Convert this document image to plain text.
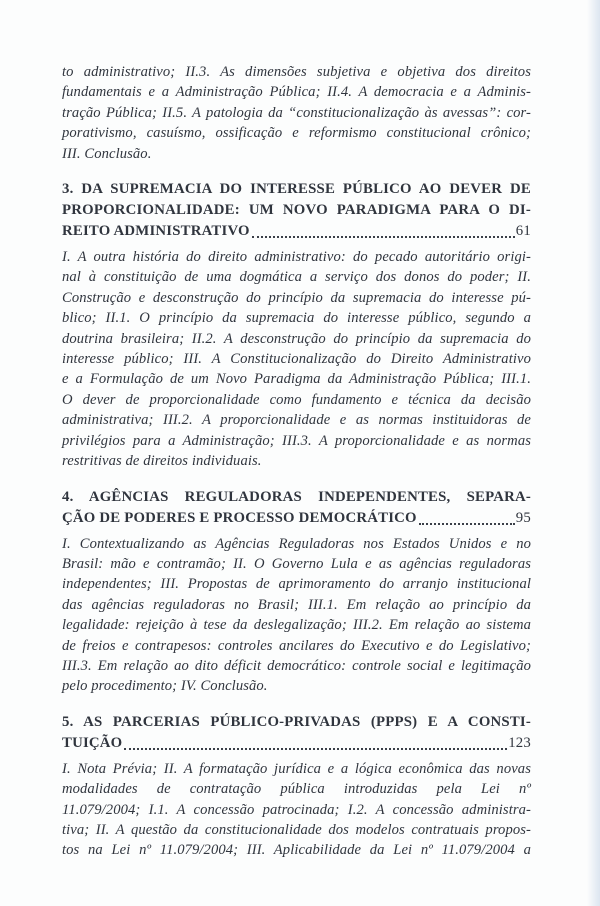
to administrativo; II.3. As dimensões subjetiva e objetiva dos direitos
fundamentais e a Administração Pública; II.4. A democracia e a Adminis-
tração Pública; II.5. A patologia da “constitucionalização às avessas”: cor-
porativismo, casuísmo, ossificação e reformismo constitucional crônico;
III. Conclusão.
3. DA SUPREMACIA DO INTERESSE PÚBLICO AO DEVER DE
PROPORCIONALIDADE: UM NOVO PARADIGMA PARA O DI-
REITO ADMINISTRATIVO	61
I. A outra história do direito administrativo: do pecado autoritário origi-
nal à constituição de uma dogmática a serviço dos donos do poder; II.
Construção e desconstrução do princípio da supremacia do interesse pú-
blico; II.1. O princípio da supremacia do interesse público, segundo a
doutrina brasileira; II.2. A desconstrução do princípio da supremacia do
interesse público; III. A Constitucionalização do Direito Administrativo
e a Formulação de um Novo Paradigma da Administração Pública; III.1.
O dever de proporcionalidade como fundamento e técnica da decisão
administrativa; III.2. A proporcionalidade e as normas instituidoras de
privilégios para a Administração; III.3. A proporcionalidade e as normas
restritivas de direitos individuais.
4. AGÊNCIAS REGULADORAS INDEPENDENTES, SEPARA-
ÇÃO DE PODERES E PROCESSO DEMOCRÁTICO	95
I. Contextualizando as Agências Reguladoras nos Estados Unidos e no
Brasil: mão e contramão; II. O Governo Lula e as agências reguladoras
independentes; III. Propostas de aprimoramento do arranjo institucional
das agências reguladoras no Brasil; III.1. Em relação ao princípio da
legalidade: rejeição à tese da deslegalização; III.2. Em relação ao sistema
de freios e contrapesos: controles ancilares do Executivo e do Legislativo;
III.3. Em relação ao dito déficit democrático: controle social e legitimação
pelo procedimento; IV. Conclusão.
5. AS PARCERIAS PÚBLICO-PRIVADAS (PPPS) E A CONSTI-
TUIÇÃO	123
I. Nota Prévia; II. A formatação jurídica e a lógica econômica das novas
modalidades de contratação pública introduzidas pela Lei nº
11.079/2004; I.1. A concessão patrocinada; I.2. A concessão administra-
tiva; II. A questão da constitucionalidade dos modelos contratuais propos-
tos na Lei nº 11.079/2004; III. Aplicabilidade da Lei nº 11.079/2004 a
